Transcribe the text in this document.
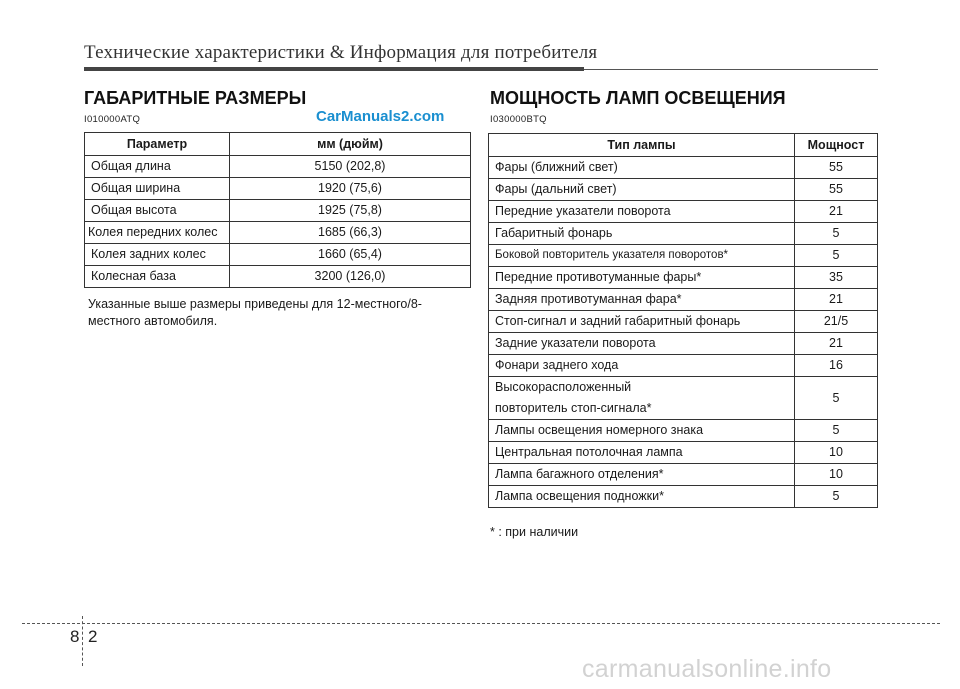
Технические характеристики & Информация для потребителя
ГАБАРИТНЫЕ РАЗМЕРЫ
I010000ATQ	CarManuals2.com
Параметр	мм (дюйм)
Общая длина	5150 (202,8)
Общая ширина	1920 (75,6)
Общая высота	1925 (75,8)
Колея передних колес	1685 (66,3)
Колея задних колес	1660 (65,4)
Колесная база	3200 (126,0)
Указанные выше размеры приведены для 12-местного/8-местного автомобиля.
МОЩНОСТЬ ЛАМП ОСВЕЩЕНИЯ
I030000BTQ
Тип лампы	Мощност
Фары (ближний свет)	55
Фары (дальний свет)	55
Передние указатели поворота	21
Габаритный фонарь	5
Боковой повторитель указателя поворотов*	5
Передние противотуманные фары*	35
Задняя противотуманная фара*	21
Стоп-сигнал и задний габаритный фонарь	21/5
Задние указатели поворота	21
Фонари заднего хода	16

Высокорасположенный
повторитель стоп-сигнала*	5
Лампы освещения номерного знака	5
Центральная потолочная лампа	10
Лампа багажного отделения*	10
Лампа освещения подножки*	5
* : при наличии
8 2
carmanualsonline.info
